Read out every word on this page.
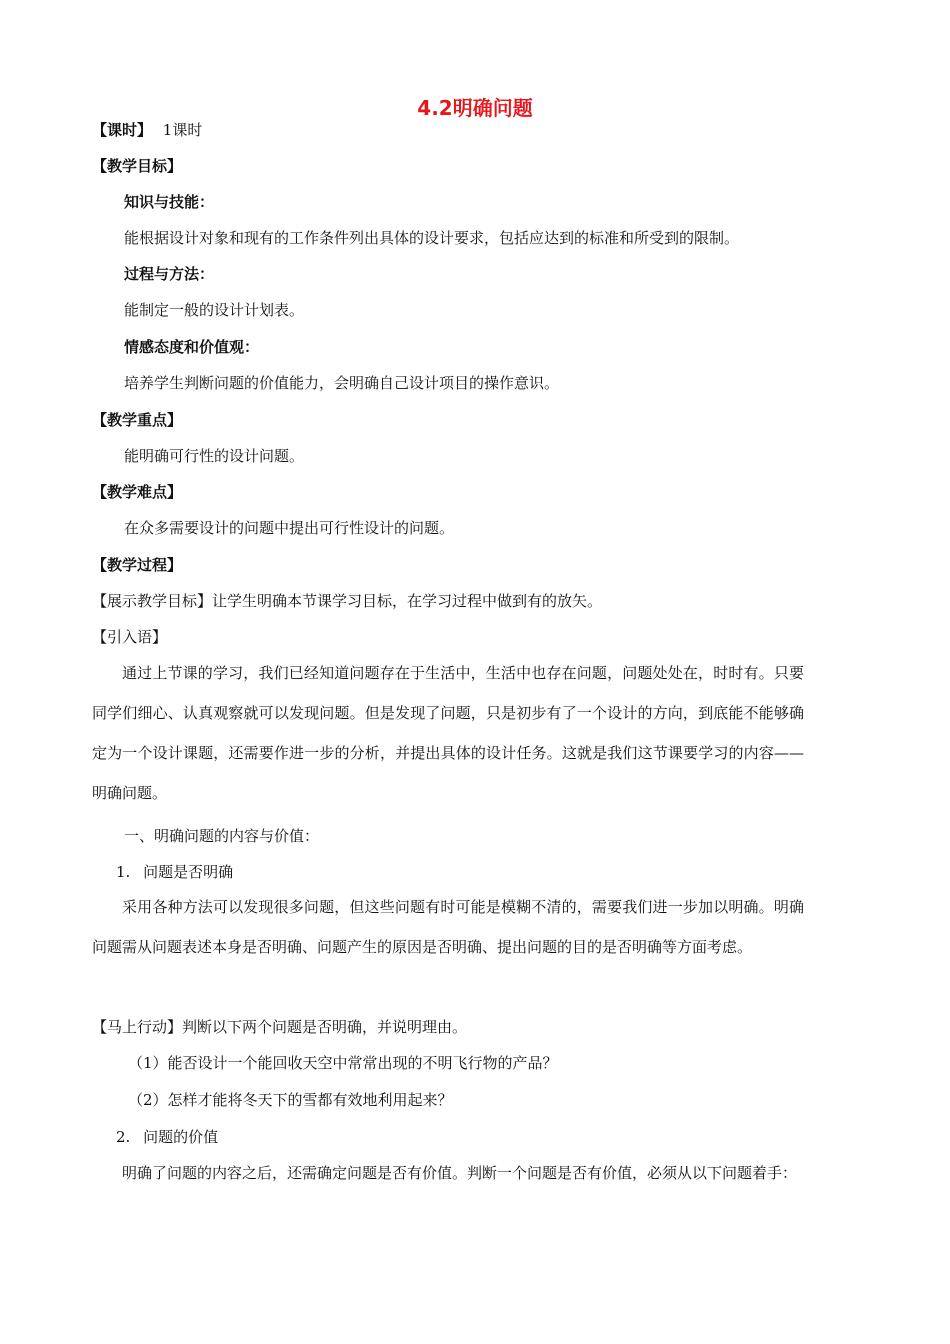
4.2明确问题
【课时】 1课时
【教学目标】
知识与技能：
能根据设计对象和现有的工作条件列出具体的设计要求，包括应达到的标准和所受到的限制。
过程与方法：
能制定一般的设计计划表。
情感态度和价值观：
培养学生判断问题的价值能力，会明确自己设计项目的操作意识。
【教学重点】
能明确可行性的设计问题。
【教学难点】
在众多需要设计的问题中提出可行性设计的问题。
【教学过程】
【展示教学目标】让学生明确本节课学习目标，在学习过程中做到有的放矢。
【引入语】
通过上节课的学习，我们已经知道问题存在于生活中，生活中也存在问题，问题处处在，时时有。只要同学们细心、认真观察就可以发现问题。但是发现了问题，只是初步有了一个设计的方向，到底能不能够确定为一个设计课题，还需要作进一步的分析，并提出具体的设计任务。这就是我们这节课要学习的内容——明确问题。
一、明确问题的内容与价值：
1. 问题是否明确
采用各种方法可以发现很多问题，但这些问题有时可能是模糊不清的，需要我们进一步加以明确。明确问题需从问题表述本身是否明确、问题产生的原因是否明确、提出问题的目的是否明确等方面考虑。
【马上行动】判断以下两个问题是否明确，并说明理由。
（1）能否设计一个能回收天空中常常出现的不明飞行物的产品？
（2）怎样才能将冬天下的雪都有效地利用起来？
2. 问题的价值
明确了问题的内容之后，还需确定问题是否有价值。判断一个问题是否有价值，必须从以下问题着手：
